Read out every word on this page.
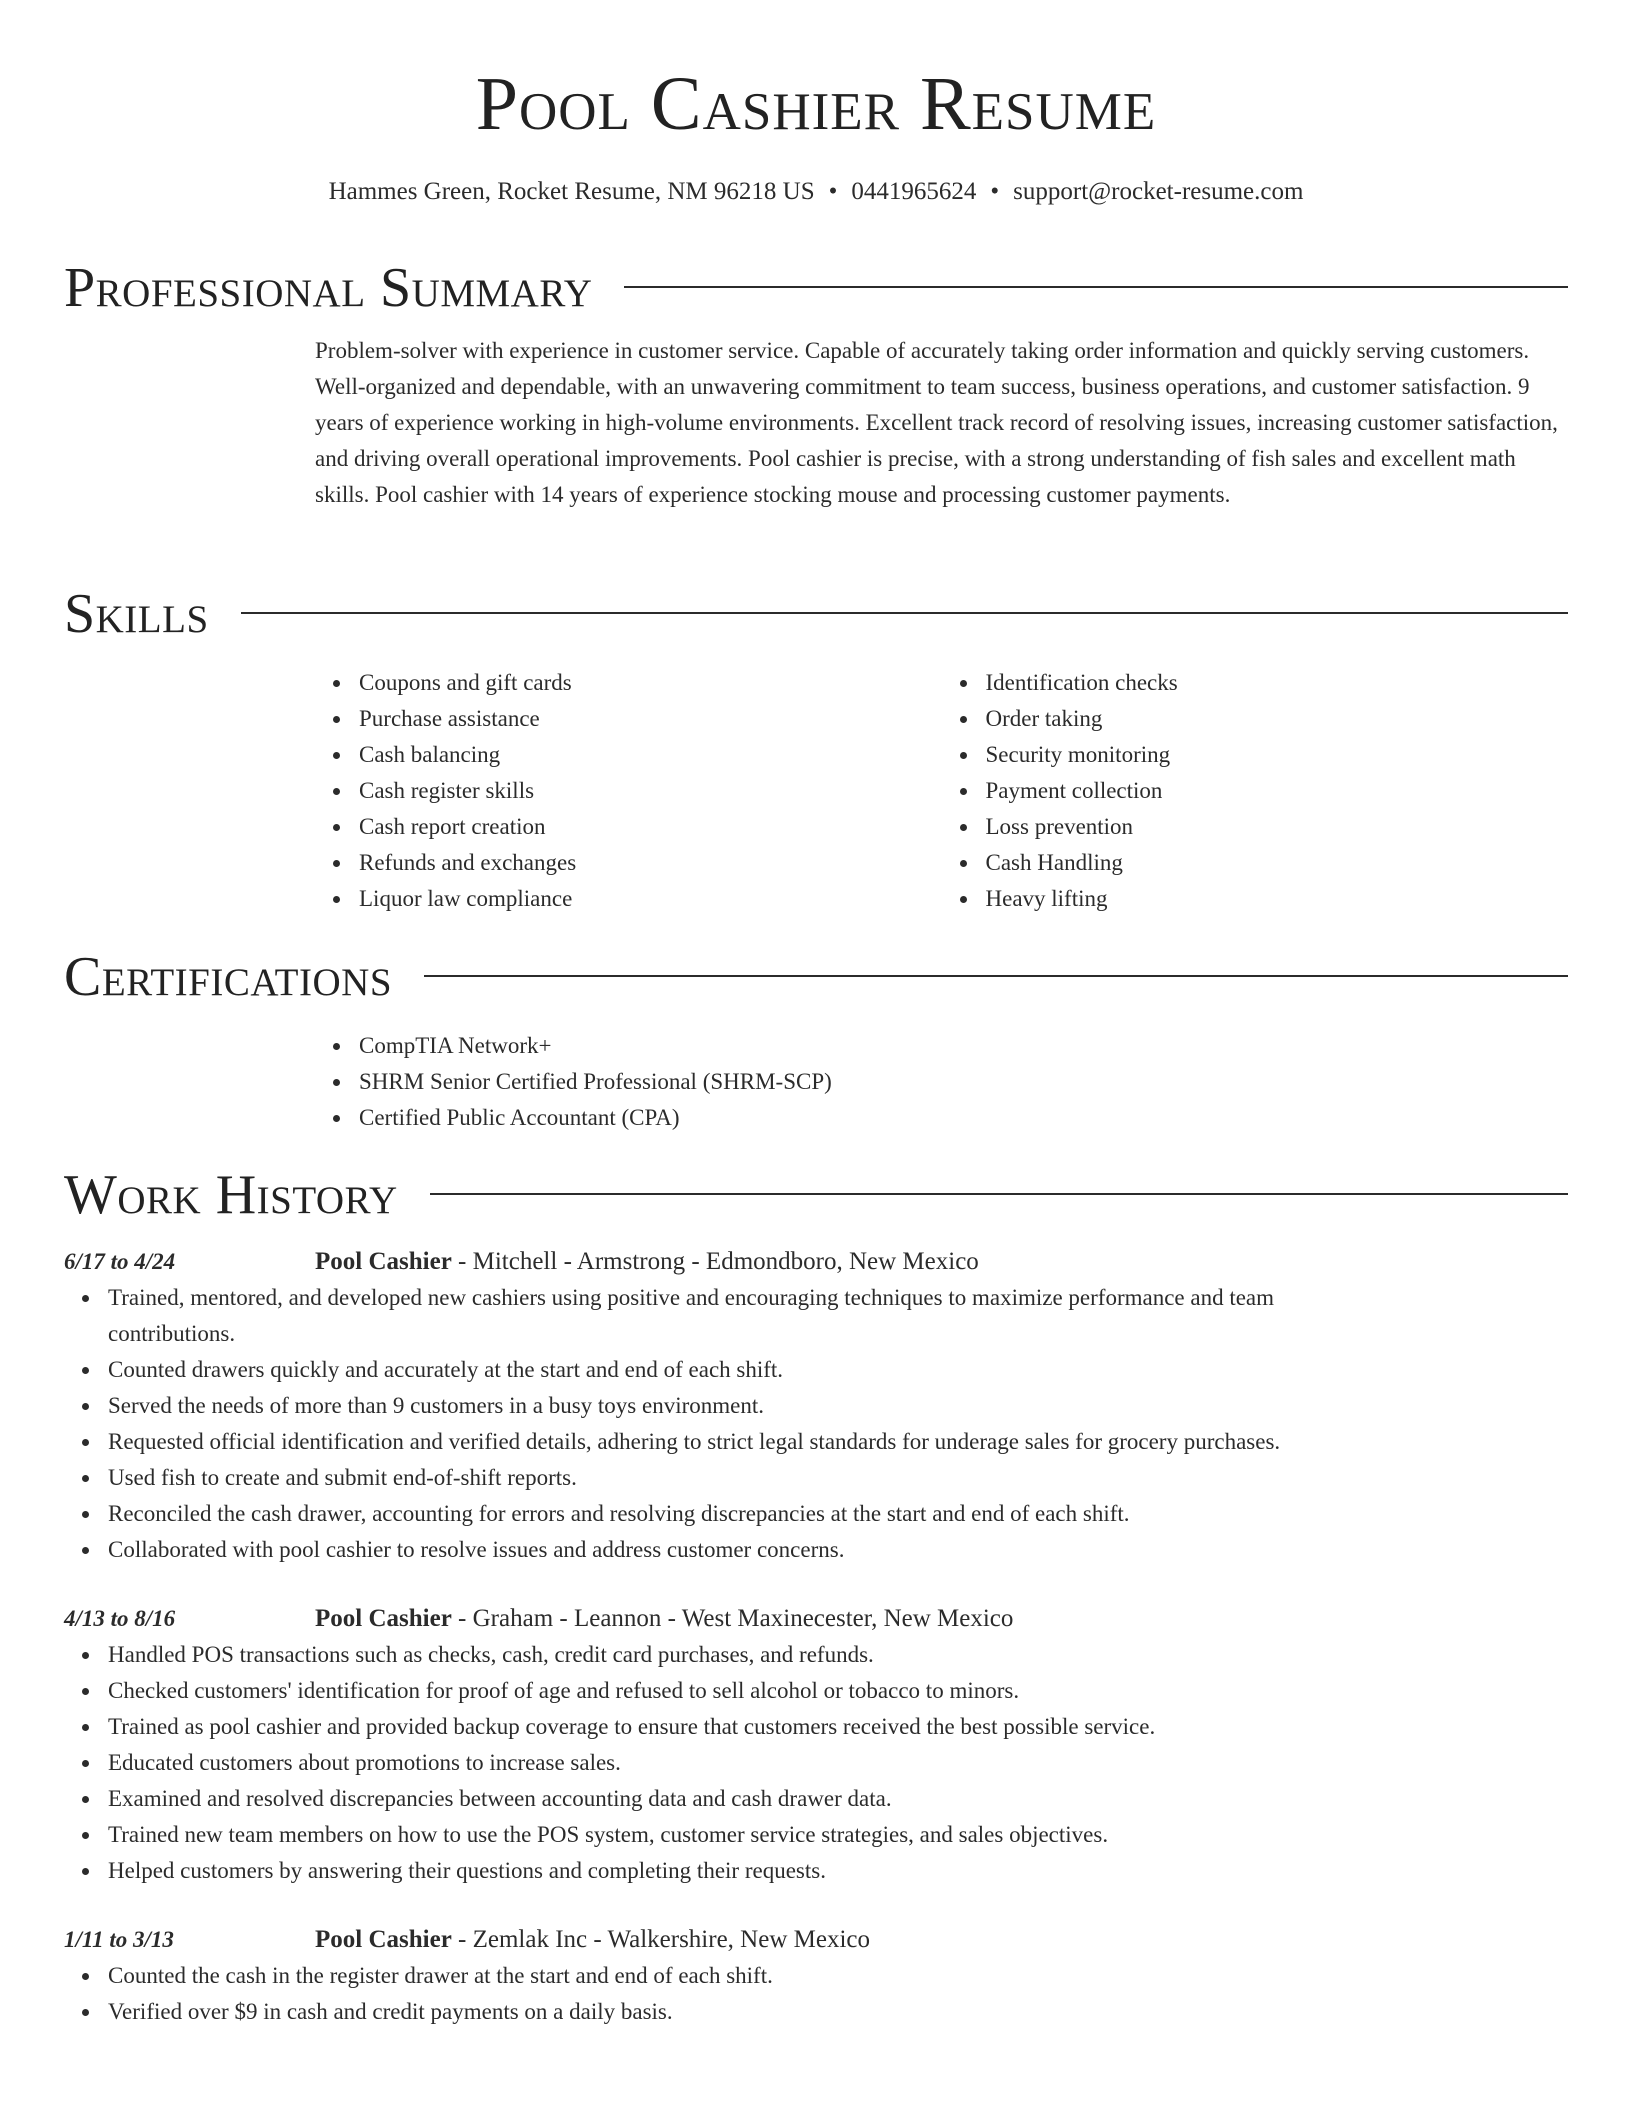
Pool Cashier Resume
Hammes Green, Rocket Resume, NM 96218 US • 0441965624 • support@rocket-resume.com
Professional Summary

Problem-solver with experience in customer service. Capable of accurately taking order information and quickly serving customers. Well-organized and dependable, with an unwavering commitment to team success, business operations, and customer satisfaction. 9 years of experience working in high-volume environments. Excellent track record of resolving issues, increasing customer satisfaction, and driving overall operational improvements. Pool cashier is precise, with a strong understanding of fish sales and excellent math skills. Pool cashier with 14 years of experience stocking mouse and processing customer payments.

Skills
Coupons and gift cards
Purchase assistance
Cash balancing
Cash register skills
Cash report creation
Refunds and exchanges
Liquor law compliance
Identification checks
Order taking
Security monitoring
Payment collection
Loss prevention
Cash Handling
Heavy lifting
Certifications
CompTIA Network+
SHRM Senior Certified Professional (SHRM-SCP)
Certified Public Accountant (CPA)
Work History
6/17 to 4/24	Pool Cashier - Mitchell - Armstrong - Edmondboro, New Mexico
Trained, mentored, and developed new cashiers using positive and encouraging techniques to maximize performance and team contributions.
Counted drawers quickly and accurately at the start and end of each shift.
Served the needs of more than 9 customers in a busy toys environment.
Requested official identification and verified details, adhering to strict legal standards for underage sales for grocery purchases.
Used fish to create and submit end-of-shift reports.
Reconciled the cash drawer, accounting for errors and resolving discrepancies at the start and end of each shift.
Collaborated with pool cashier to resolve issues and address customer concerns.
4/13 to 8/16	Pool Cashier - Graham - Leannon - West Maxinecester, New Mexico
Handled POS transactions such as checks, cash, credit card purchases, and refunds.
Checked customers' identification for proof of age and refused to sell alcohol or tobacco to minors.
Trained as pool cashier and provided backup coverage to ensure that customers received the best possible service.
Educated customers about promotions to increase sales.
Examined and resolved discrepancies between accounting data and cash drawer data.
Trained new team members on how to use the POS system, customer service strategies, and sales objectives.
Helped customers by answering their questions and completing their requests.
1/11 to 3/13	Pool Cashier - Zemlak Inc - Walkershire, New Mexico
Counted the cash in the register drawer at the start and end of each shift.
Verified over $9 in cash and credit payments on a daily basis.
